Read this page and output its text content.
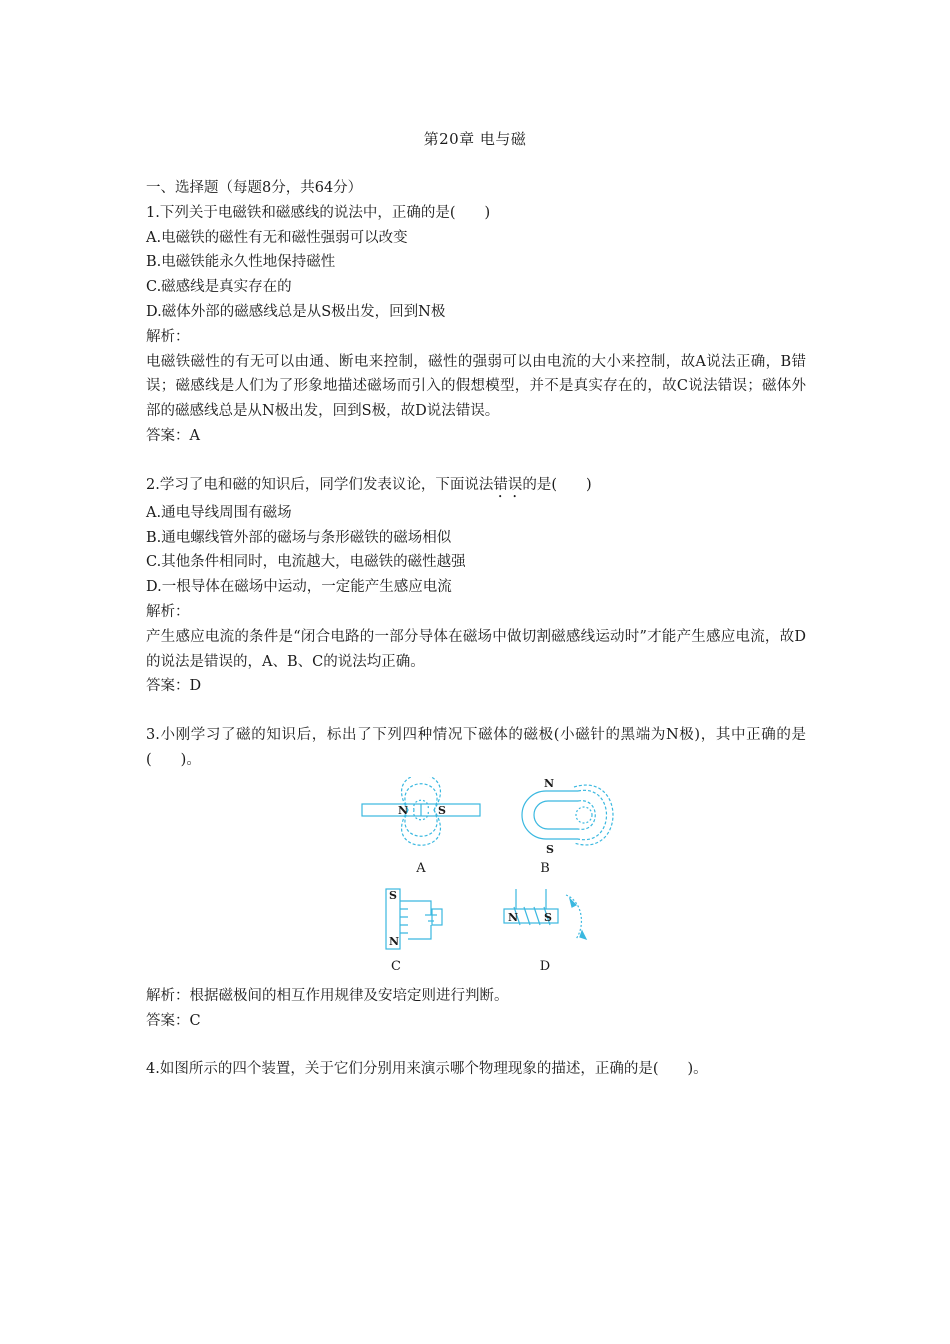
第20章 电与磁
一、选择题（每题8分，共64分）
1.下列关于电磁铁和磁感线的说法中，正确的是(　　)
A.电磁铁的磁性有无和磁性强弱可以改变
B.电磁铁能永久性地保持磁性
C.磁感线是真实存在的
D.磁体外部的磁感线总是从S极出发，回到N极
解析：
电磁铁磁性的有无可以由通、断电来控制，磁性的强弱可以由电流的大小来控制，故A说法正确，B错误；磁感线是人们为了形象地描述磁场而引入的假想模型，并不是真实存在的，故C说法错误；磁体外部的磁感线总是从N极出发，回到S极，故D说法错误。
答案：A
2.学习了电和磁的知识后，同学们发表议论，下面说法错误的是(　　)
A.通电导线周围有磁场
B.通电螺线管外部的磁场与条形磁铁的磁场相似
C.其他条件相同时，电流越大，电磁铁的磁性越强
D.一根导体在磁场中运动，一定能产生感应电流
解析：
产生感应电流的条件是“闭合电路的一部分导体在磁场中做切割磁感线运动时”才能产生感应电流，故D的说法是错误的，A、B、C的说法均正确。
答案：D
3.小刚学习了磁的知识后，标出了下列四种情况下磁体的磁极(小磁针的黑端为N极)，其中正确的是(　　)。
N	S
N
S
S
N
N S
A	B
C	D
解析：根据磁极间的相互作用规律及安培定则进行判断。
答案：C
4.如图所示的四个装置，关于它们分别用来演示哪个物理现象的描述，正确的是(　　)。
